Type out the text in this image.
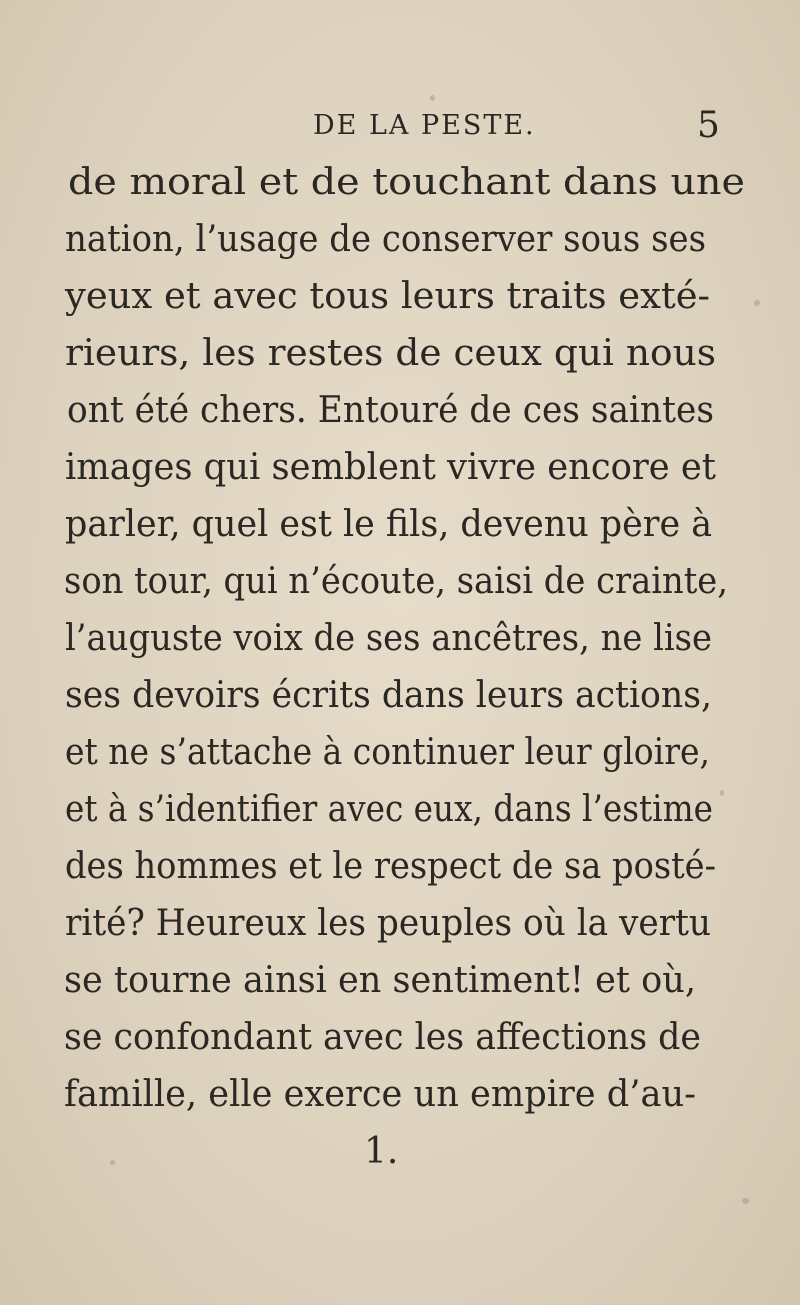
DE LA PESTE.	5
de moral et de touchant dans une
nation, l’usage de conserver sous ses
yeux et avec tous leurs traits exté-
rieurs, les restes de ceux qui nous
ont été chers. Entouré de ces saintes
images qui semblent vivre encore et
parler, quel est le fils, devenu père à
son tour, qui n’écoute, saisi de crainte,
l’auguste voix de ses ancêtres, ne lise
ses devoirs écrits dans leurs actions,
et ne s’attache à continuer leur gloire,
et à s’identifier avec eux, dans l’estime
des hommes et le respect de sa posté-
rité? Heureux les peuples où la vertu
se tourne ainsi en sentiment! et où,
se confondant avec les affections de
famille, elle exerce un empire d’au-
1.
